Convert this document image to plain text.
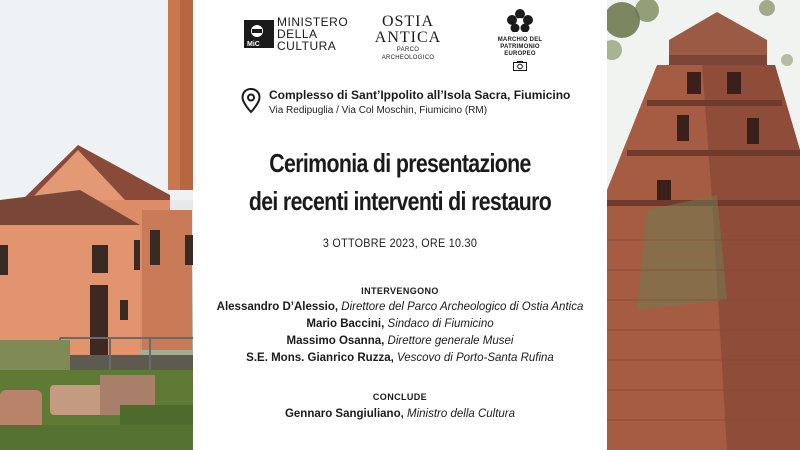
MiC
MINISTERO
DELLA
CULTURA
OSTIA
ANTICA
PARCO ARCHEOLOGICO
MARCHIO DEL
PATRIMONIO EUROPEO
Complesso di Sant’Ippolito all’Isola Sacra, Fiumicino
Via Redipuglia / Via Col Moschin, Fiumicino (RM)
Cerimonia di presentazione
dei recenti interventi di restauro
3 OTTOBRE 2023, ORE 10.30
INTERVENGONO
Alessandro D’Alessio, Direttore del Parco Archeologico di Ostia Antica
Mario Baccini, Sindaco di Fiumicino
Massimo Osanna, Direttore generale Musei
S.E. Mons. Gianrico Ruzza, Vescovo di Porto-Santa Rufina
CONCLUDE
Gennaro Sangiuliano, Ministro della Cultura
